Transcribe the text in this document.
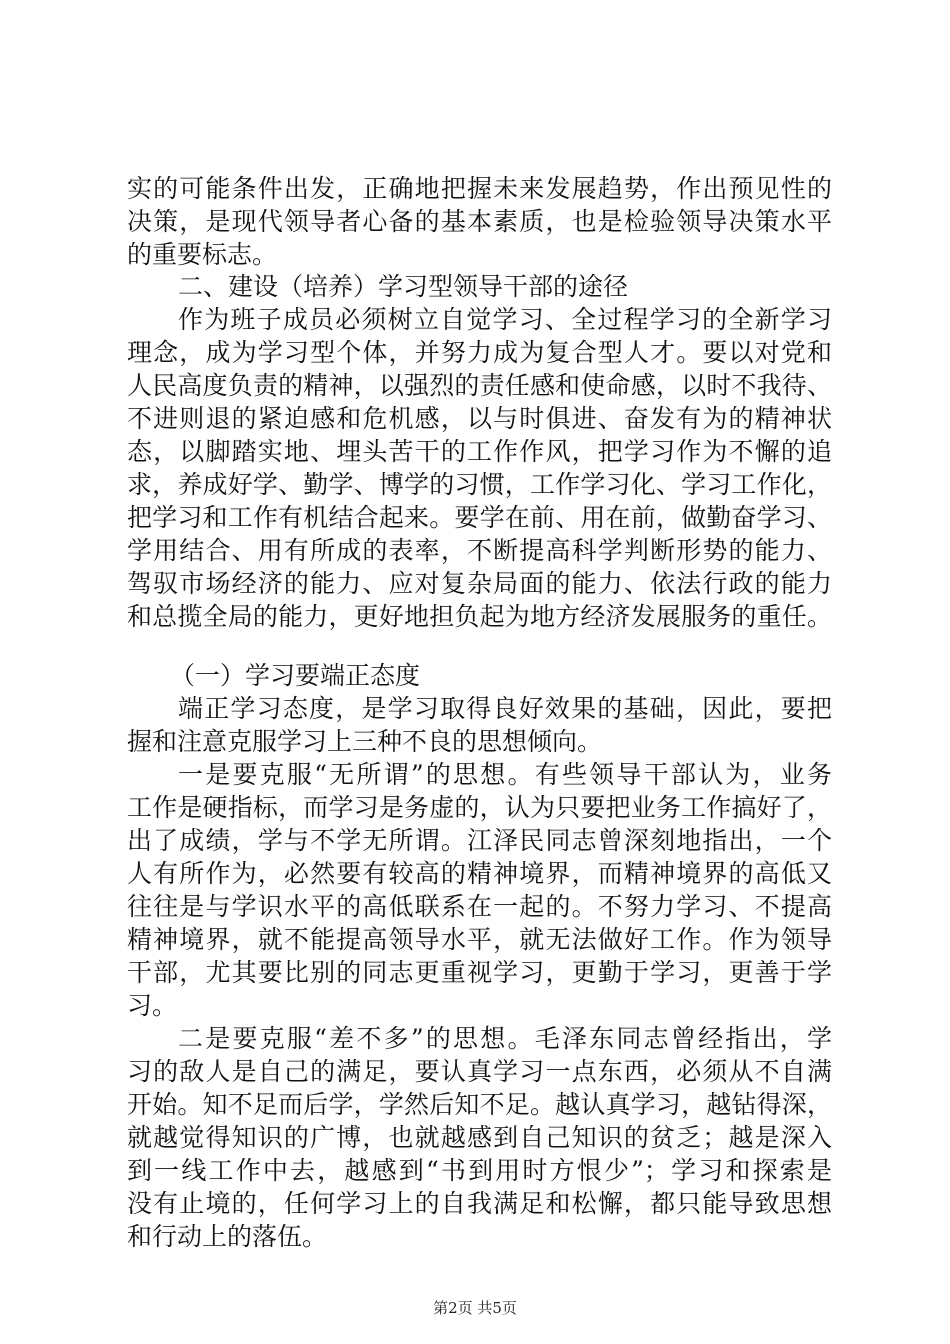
实的可能条件出发，正确地把握未来发展趋势，作出预见性的
决策，是现代领导者心备的基本素质，也是检验领导决策水平
的重要标志。
二、建设（培养）学习型领导干部的途径
作为班子成员必须树立自觉学习、全过程学习的全新学习
理念，成为学习型个体，并努力成为复合型人才。要以对党和
人民高度负责的精神，以强烈的责任感和使命感，以时不我待、
不进则退的紧迫感和危机感，以与时俱进、奋发有为的精神状
态，以脚踏实地、埋头苦干的工作作风，把学习作为不懈的追
求，养成好学、勤学、博学的习惯，工作学习化、学习工作化，
把学习和工作有机结合起来。要学在前、用在前，做勤奋学习、
学用结合、用有所成的表率，不断提高科学判断形势的能力、
驾驭市场经济的能力、应对复杂局面的能力、依法行政的能力
和总揽全局的能力，更好地担负起为地方经济发展服务的重任。
（一）学习要端正态度
端正学习态度，是学习取得良好效果的基础，因此，要把
握和注意克服学习上三种不良的思想倾向。
一是要克服“无所谓”的思想。有些领导干部认为，业务
工作是硬指标，而学习是务虚的，认为只要把业务工作搞好了，
出了成绩，学与不学无所谓。江泽民同志曾深刻地指出，一个
人有所作为，必然要有较高的精神境界，而精神境界的高低又
往往是与学识水平的高低联系在一起的。不努力学习、不提高
精神境界，就不能提高领导水平，就无法做好工作。作为领导
干部，尤其要比别的同志更重视学习，更勤于学习，更善于学
习。
二是要克服“差不多”的思想。毛泽东同志曾经指出，学
习的敌人是自己的满足，要认真学习一点东西，必须从不自满
开始。知不足而后学，学然后知不足。越认真学习，越钻得深，
就越觉得知识的广博，也就越感到自己知识的贫乏；越是深入
到一线工作中去，越感到“书到用时方恨少”；学习和探索是
没有止境的，任何学习上的自我满足和松懈，都只能导致思想
和行动上的落伍。
第2页 共5页
